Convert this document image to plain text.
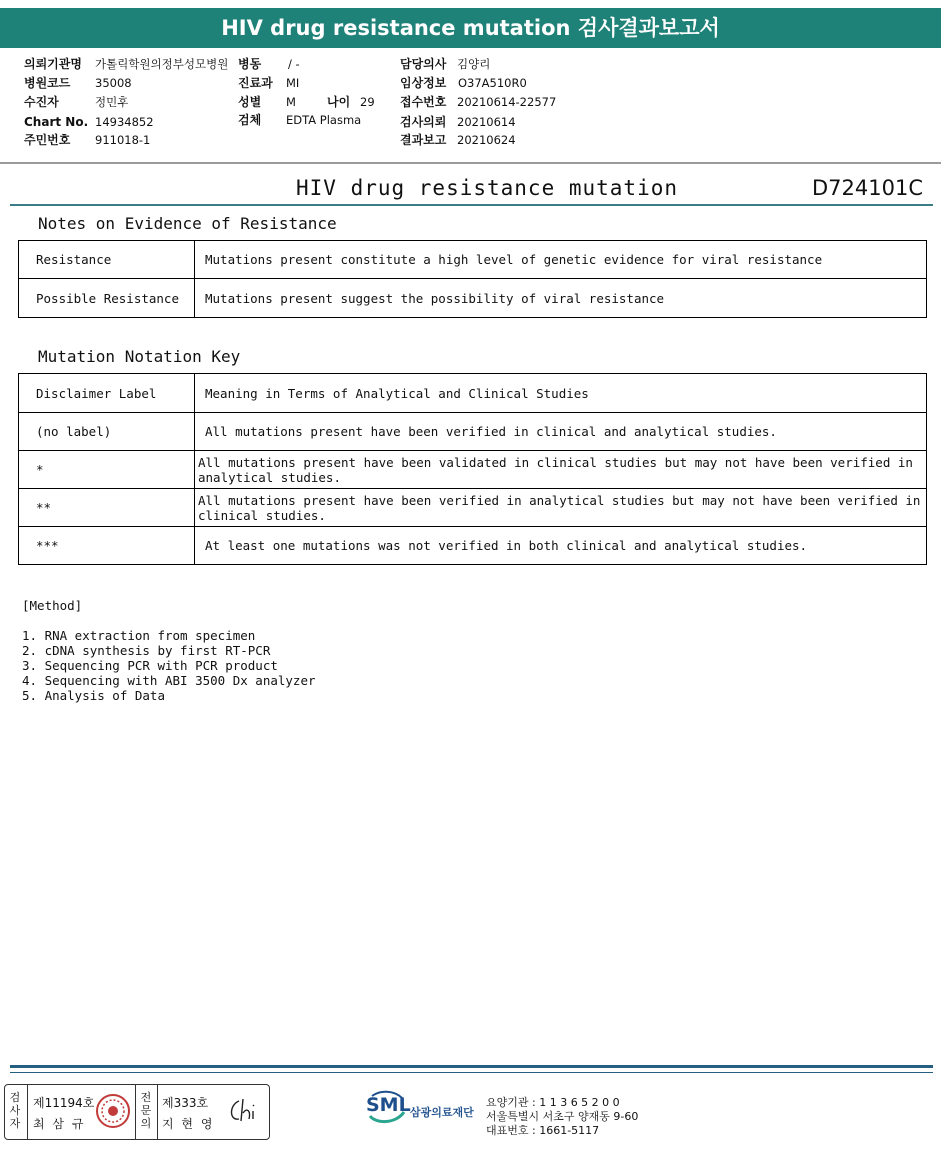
HIV drug resistance mutation 검사결과보고서
의뢰기관명 가톨릭학원의정부성모병원 병동 / -	담당의사 김양리
병원코드 35008	진료과 MI	임상정보 O37A510R0
수진자	정민후	성별 M	나이 29 접수번호 20210614-22577
Chart No. 14934852	검체 EDTA Plasma	검사의뢰 20210614
주민번호 911018-1	결과보고 20210624
HIV drug resistance mutation	D724101C
Notes on Evidence of Resistance
Resistance	Mutations present constitute a high level of genetic evidence for viral resistance
Possible Resistance	Mutations present suggest the possibility of viral resistance
Mutation Notation Key
Disclaimer Label	Meaning in Terms of Analytical and Clinical Studies
(no label)	All mutations present have been verified in clinical and analytical studies.
*	All mutations present have been validated in clinical studies but may not have been verified in analytical studies.
**	All mutations present have been verified in analytical studies but may not have been verified in clinical studies.
***	At least one mutations was not verified in both clinical and analytical studies.
[Method]
1. RNA extraction from specimen
2. cDNA synthesis by first RT-PCR
3. Sequencing PCR with PCR product
4. Sequencing with ABI 3500 Dx analyzer
5. Analysis of Data
검사자
제11194호
최 삼 규
전문의
제333호
지 현 영
SML 삼광의료재단
요양기관 : 1 1 3 6 5 2 0 0
서울특별시 서초구 양재동 9-60
대표번호 : 1661-5117
